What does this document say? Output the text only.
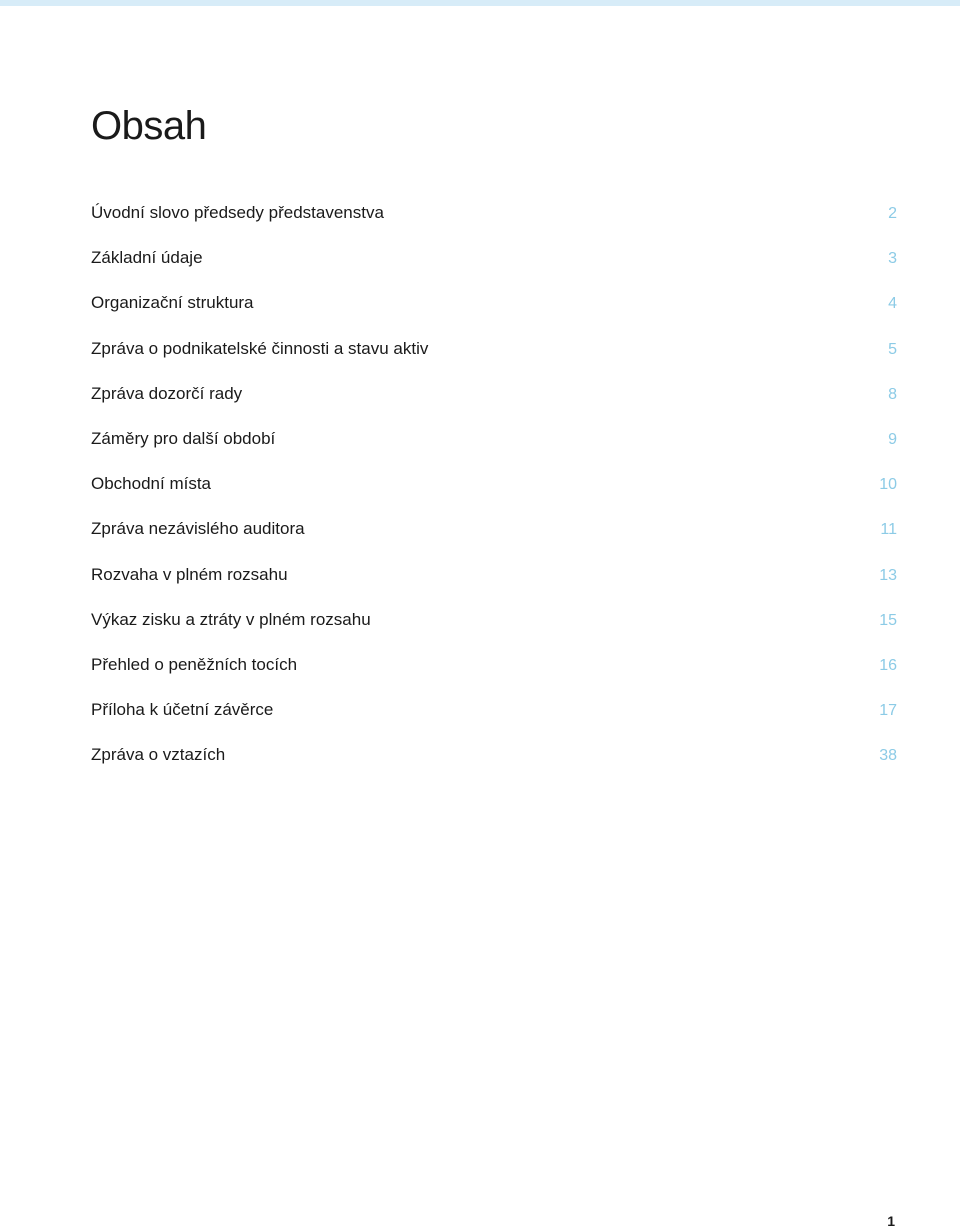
Obsah
Úvodní slovo předsedy představenstva	2
Základní údaje	3
Organizační struktura	4
Zpráva o podnikatelské činnosti a stavu aktiv	5
Zpráva dozorčí rady	8
Záměry pro další období	9
Obchodní místa	10
Zpráva nezávislého auditora	11
Rozvaha v plném rozsahu	13
Výkaz zisku a ztráty v plném rozsahu	15
Přehled o peněžních tocích	16
Příloha k účetní závěrce	17
Zpráva o vztazích	38
1
